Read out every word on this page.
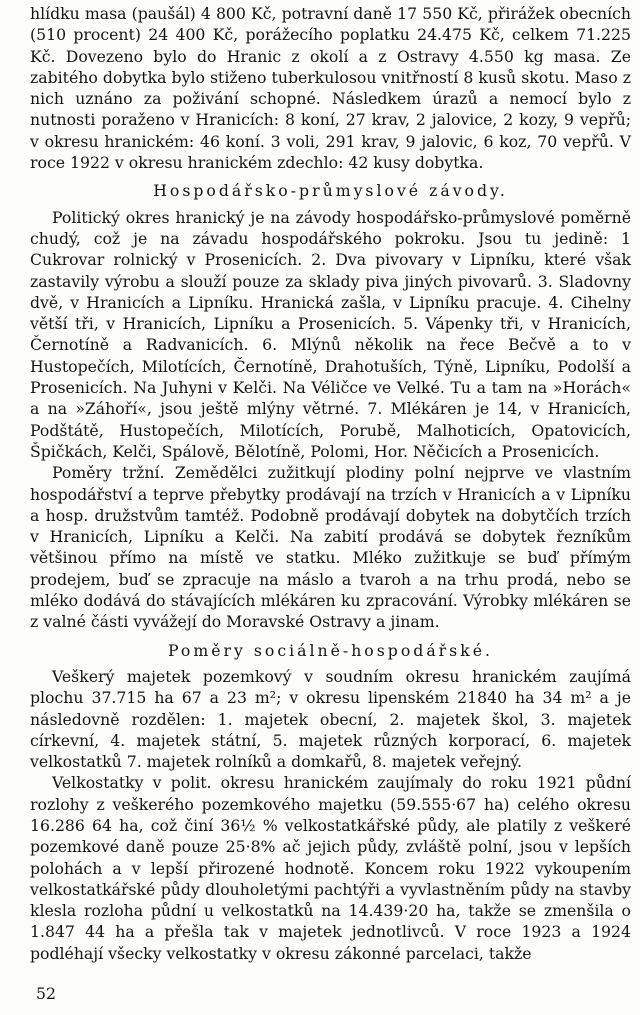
hlídku masa (paušál) 4 800 Kč, potravní daně 17 550 Kč, přirážek obecních (510 procent) 24 400 Kč, porážecího poplatku 24.475 Kč, celkem 71.225 Kč. Dovezeno bylo do Hranic z okolí a z Ostravy 4.550 kg masa. Ze zabitého dobytka bylo stiženo tuberkulosou vnitřností 8 kusů skotu. Maso z nich uznáno za poživání schopné. Následkem úrazů a nemocí bylo z nutnosti poraženo v Hranicích: 8 koní, 27 krav, 2 jalovice, 2 kozy, 9 vepřů; v okresu hranickém: 46 koní. 3 voli, 291 krav, 9 jalovic, 6 koz, 70 vepřů. V roce 1922 v okresu hranickém zdechlo: 42 kusy dobytka.

Hospodářsko-průmyslové závody.

Politický okres hranický je na závody hospodářsko-průmyslové poměrně chudý, což je na závadu hospodářského pokroku. Jsou tu jedině: 1 Cukrovar rolnický v Prosenicích. 2. Dva pivovary v Lipníku, které však zastavily výrobu a slouží pouze za sklady piva jiných pivovarů. 3. Sladovny dvě, v Hranicích a Lipníku. Hranická zašla, v Lipníku pracuje. 4. Cihelny větší tři, v Hranicích, Lipníku a Prosenicích. 5. Vápenky tři, v Hranicích, Černotíně a Radvanicích. 6. Mlýnů několik na řece Bečvě a to v Hustopečích, Milotících, Černotíně, Drahotuších, Týně, Lipníku, Podolší a Prosenicích. Na Juhyni v Kelči. Na Véličce ve Velké. Tu a tam na »Horách« a na »Záhoří«, jsou ještě mlýny větrné. 7. Mlékáren je 14, v Hranicích, Podštátě, Hustopečích, Milotících, Porubě, Malhoticích, Opatovicích, Špičkách, Kelči, Spálově, Bělotíně, Polomi, Hor. Něčicích a Prosenicích.

Poměry tržní. Zemědělci zužitkují plodiny polní nejprve ve vlastním hospodářství a teprve přebytky prodávají na trzích v Hranicích a v Lipníku a hosp. družstvům tamtéž. Podobně prodávají dobytek na dobytčích trzích v Hranicích, Lipníku a Kelči. Na zabití prodává se dobytek řezníkům většinou přímo na místě ve statku. Mléko zužitkuje se buď přímým prodejem, buď se zpracuje na máslo a tvaroh a na trhu prodá, nebo se mléko dodává do stávajících mlékáren ku zpracování. Výrobky mlékáren se z valné části vyvážejí do Moravské Ostravy a jinam.

Poměry sociálně-hospodářské.

Veškerý majetek pozemkový v soudním okresu hranickém zaujímá plochu 37.715 ha 67 a 23 m²; v okresu lipenském 21840 ha 34 m² a je následovně rozdělen: 1. majetek obecní, 2. majetek škol, 3. majetek církevní, 4. majetek státní, 5. majetek různých korporací, 6. majetek velkostatků 7. majetek rolníků a domkařů, 8. majetek veřejný.

Velkostatky v polit. okresu hranickém zaujímaly do roku 1921 půdní rozlohy z veškerého pozemkového majetku (59.555·67 ha) celého okresu 16.286 64 ha, což činí 36½ % velkostatkářské půdy, ale platily z veškeré pozemkové daně pouze 25·8% ač jejich půdy, zvláště polní, jsou v lepších polohách a v lepší přirozené hodnotě. Koncem roku 1922 vykoupením velkostatkářské půdy dlouholetými pachtýři a vyvlastněním půdy na stavby klesla rozloha půdní u velkostatků na 14.439·20 ha, takže se zmenšila o 1.847 44 ha a přešla tak v majetek jednotlivců. V roce 1923 a 1924 podléhají všecky velkostatky v okresu zákonné parcelaci, takže

52
